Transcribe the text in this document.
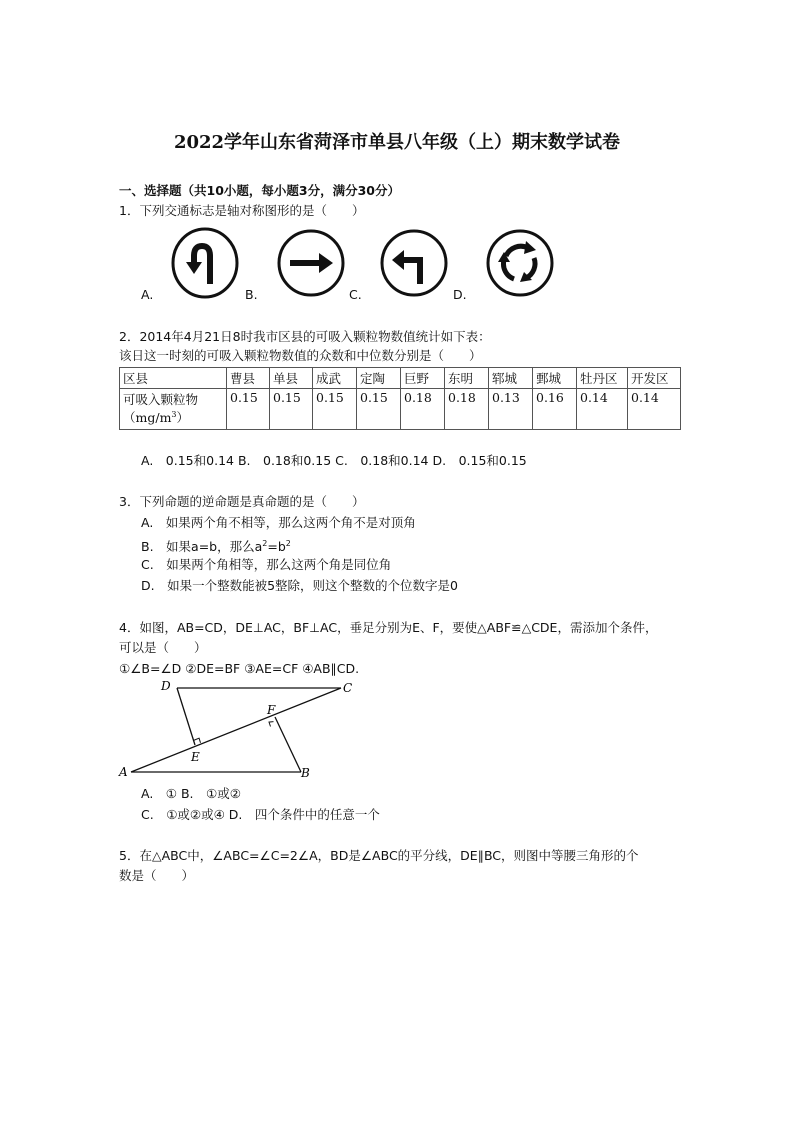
2022学年山东省菏泽市单县八年级（上）期末数学试卷
一、选择题（共10小题，每小题3分，满分30分）
1．下列交通标志是轴对称图形的是（　　）
A.	B.	C.	D.
2．2014年4月21日8时我市区县的可吸入颗粒物数值统计如下表：
该日这一时刻的可吸入颗粒物数值的众数和中位数分别是（　　）
区县	曹县	单县	成武	定陶	巨野	东明	郓城	鄄城	牡丹区	开发区

可吸入颗粒物
$(mg/m^3)$	0.15	0.15	0.15	0.15	0.18	0.18	0.13	0.16	0.14	0.14
A.　0.15和0.14 B.　0.18和0.15 C.　0.18和0.14 D.　0.15和0.15
3．下列命题的逆命题是真命题的是（　　）
A.　如果两个角不相等，那么这两个角不是对顶角
B.　如果a=b，那么$a^2=b^2$
C.　如果两个角相等，那么这两个角是同位角
D.　如果一个整数能被5整除，则这个整数的个位数字是0
4．如图，AB=CD，DE⊥AC，BF⊥AC，垂足分别为E、F，要使△ABF≌△CDE，需添加个条件，
可以是（　　）
①∠B=∠D ②DE=BF ③AE=CF ④AB∥CD.
D	C
F
E
A	B
A.　① B.　①或②
C.　①或②或④ D.　四个条件中的任意一个
5．在△ABC中，∠ABC=∠C=2∠A，BD是∠ABC的平分线，DE∥BC，则图中等腰三角形的个
数是（　　）
